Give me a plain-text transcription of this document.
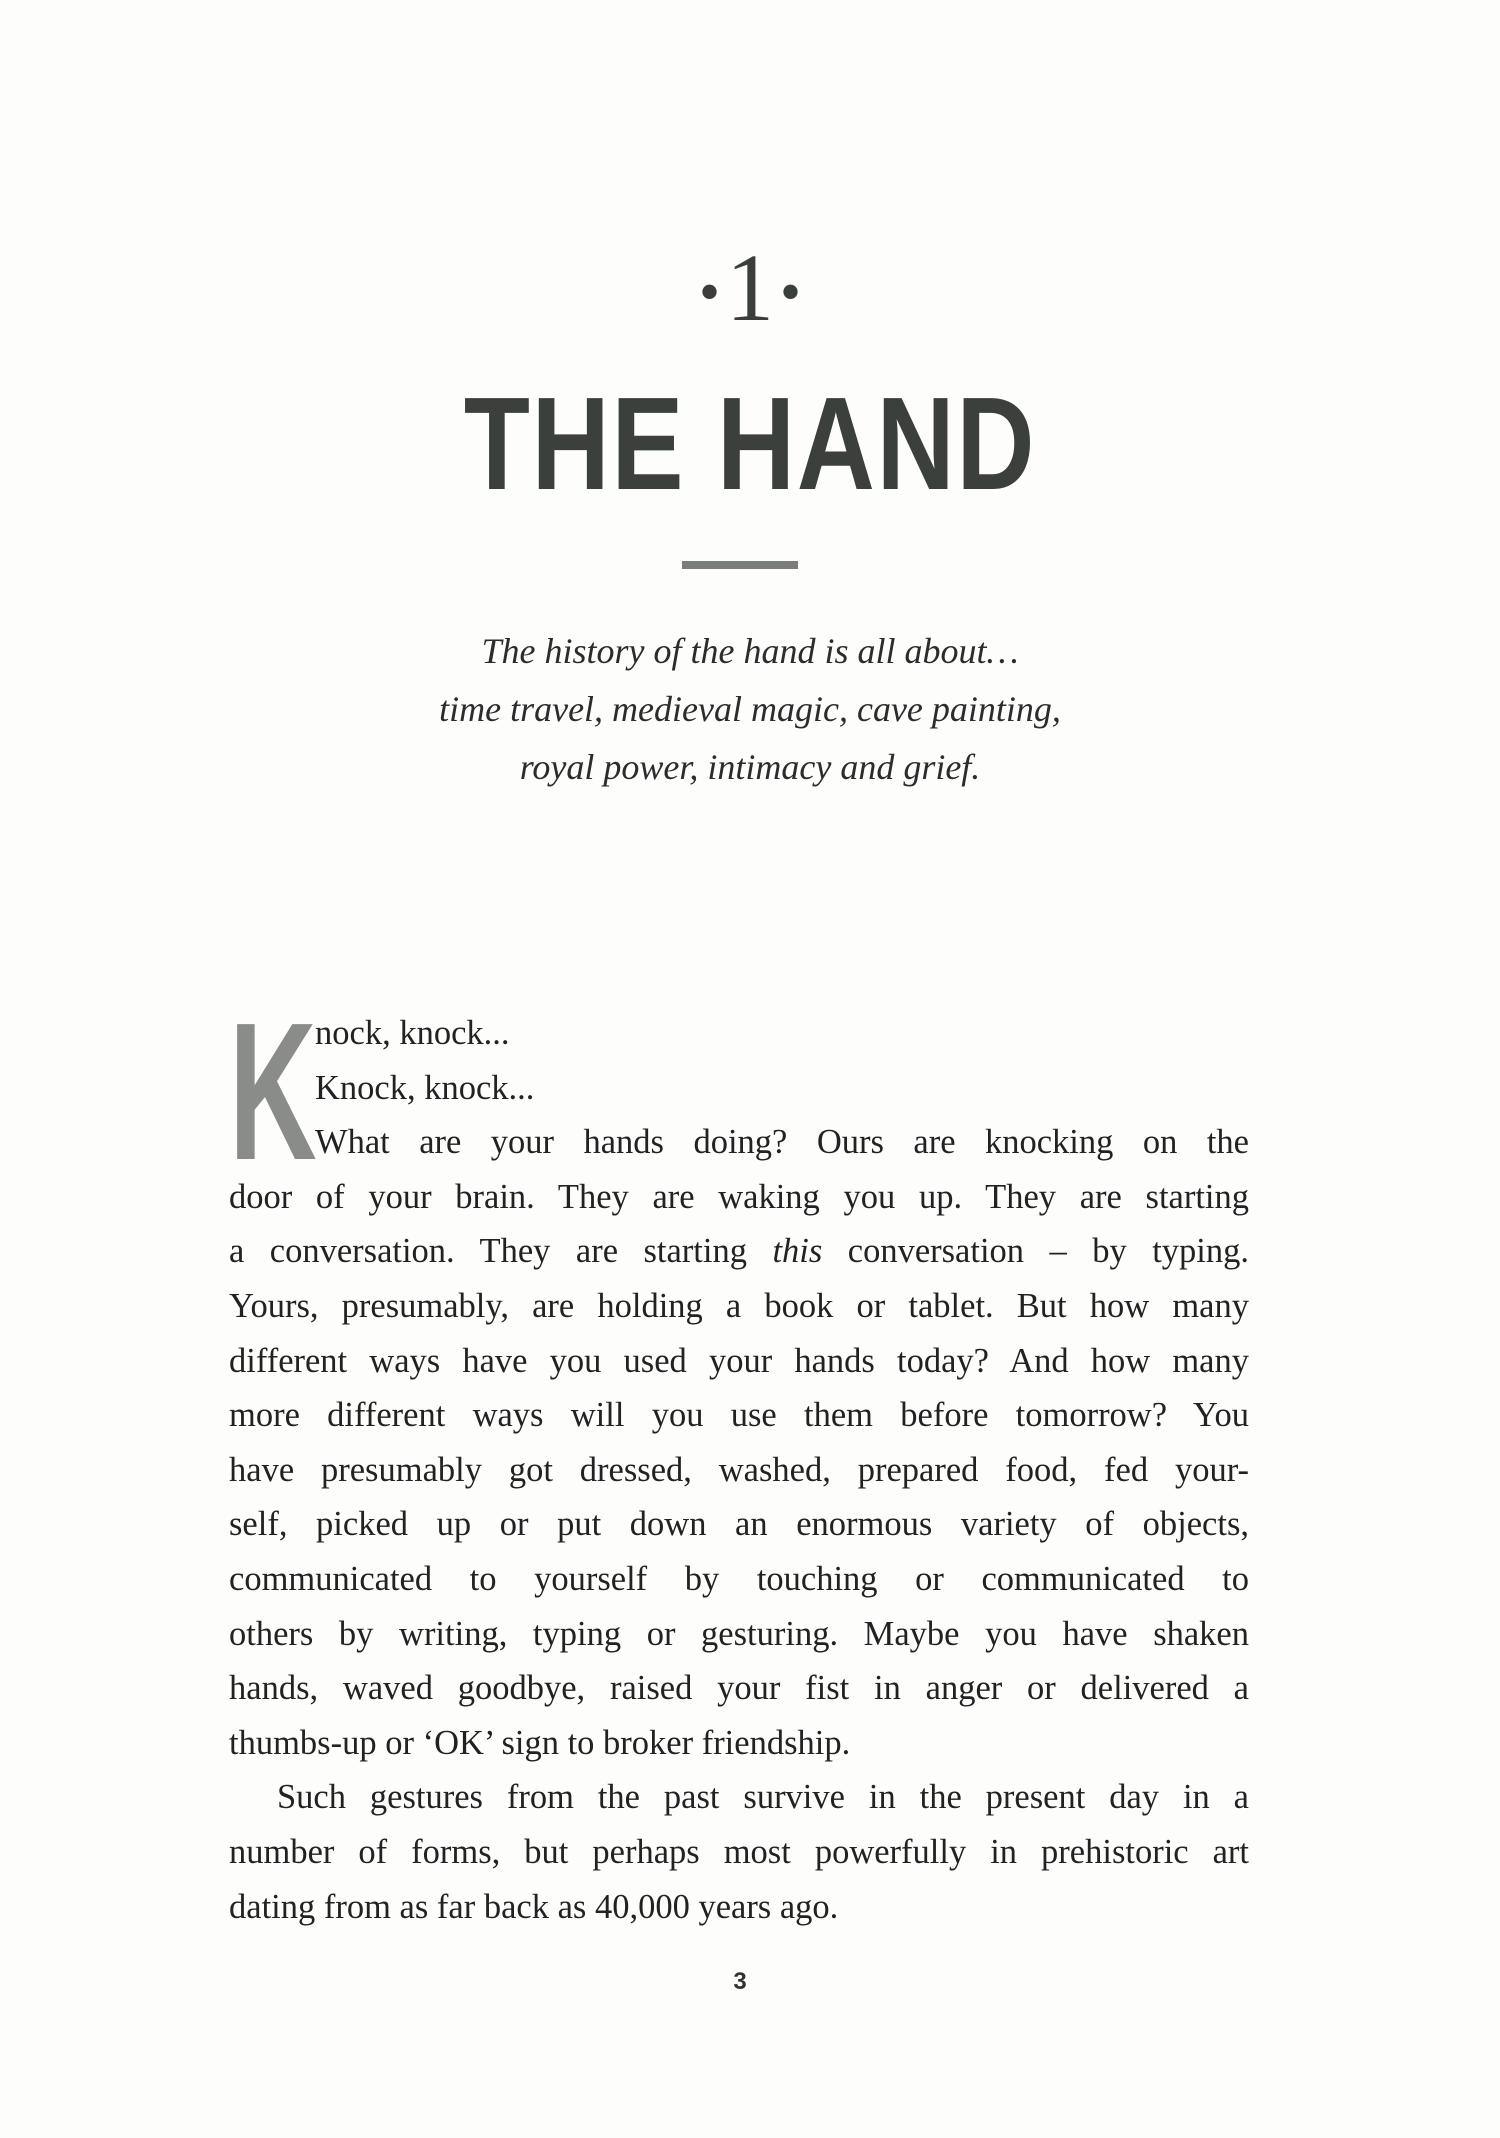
•1 •
THE HAND
The history of the hand is all about…
time travel, medieval magic, cave painting,
royal power, intimacy and grief.
K
nock, knock...
Knock, knock...
What are your hands doing? Ours are knocking on the
door of your brain. They are waking you up. They are starting
a conversation. They are starting this conversation – by typing.
Yours, presumably, are holding a book or tablet. But how many
different ways have you used your hands today? And how many
more different ways will you use them before tomorrow? You
have presumably got dressed, washed, prepared food, fed your-
self, picked up or put down an enormous variety of objects,
communicated to yourself by touching or communicated to
others by writing, typing or gesturing. Maybe you have shaken
hands, waved goodbye, raised your fist in anger or delivered a
thumbs-up or ‘OK’ sign to broker friendship.
Such gestures from the past survive in the present day in a
number of forms, but perhaps most powerfully in prehistoric art
dating from as far back as 40,000 years ago.
3
